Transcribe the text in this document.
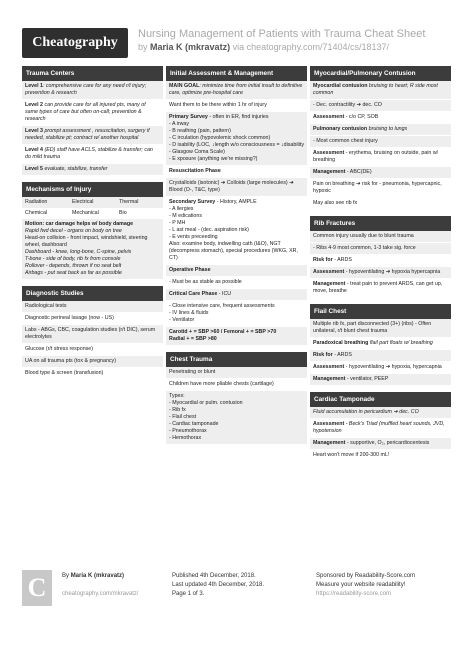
Cheatography
Nursing Management of Patients with Trauma Cheat Sheet
by Maria K (mkravatz) via cheatography.com/71404/cs/18137/
Trauma Centers
Level 1: comprehensive care for any need r/t injury; prevention & research
Level 2 can provide care for all injured pts, many of same types of care but often on-call; prevention & research
Level 3 prompt assessment , resuscitation, surgery if needed, stabilize pt; contract w/ another hospital
Level 4 (ED) staff have ACLS, stabilize & transfer; can do mild trauma
Level 5 evaluate, stabilize, transfer
Mechanisms of Injury
Radiation	Electrical	Thermal
Chemical	Mechanical	Bio
Motion: car damage helps w/ body damage
Rapid fwd decel - organs on body on tree
Head-on collision - front impact, windshield, steering wheel, dashboard
Dashboard - knee, long-bone, C-spine, pelvis
T-bone - side of body, rib fx from console
Rollover - depends, thrown if no seat belt
Airbags - put seat back as far as possible
Diagnostic Studies
Radiological tests
Diagnostic perineal lavage (now - US)
Labs - ABGs, CBC, coagulation studies (r/t DIC), serum electrolytes
Glucose (r/t stress response)
UA on all trauma pts (tox & pregnancy)
Blood type & screen (transfusion)
Initial Assessment & Management
MAIN GOAL: minimize time from initial insult to definitive care, optimize pre-hospital care
Want them to be there within 1 hr of injury
Primary Survey - often in ER, find injuries
- A irway
- B reathing (pain, pattern)
- C irculation (hypovolemic shock common)
- D isability (LOC, ↓length w/o consciousness = ↓disability - Glasgow Coma Scale)
- E xposure (anything we're missing?)
Resuscitation Phase
Crystalloids (isotonic) ➔ Colloids (large molecules) ➔ Blood (O-, T&C, type)
Secondary Survey - History, AMPLE
- A llergies
- M edications
- P MH
- L ast meal - (dec. aspiration risk)
- E vents preceeding
Also: examine body, indwelling cath (I&O), NGT (decompress stomach), special procedures (WKG, XR, CT)
Operative Phase
- Must be as stable as possible
Critical Care Phase - ICU
- Close intensive care, frequent assessments
- IV lines & fluids
- Ventilator
Carotid + = SBP >60 / Femoral + = SBP >70
Radial + = SBP >80
Chest Trauma
Penetrating or blunt
Children have more pliable chests (cartilage)
Types:
- Myocardial or pulm. contusion
- Rib fx
- Flail chest
- Cardiac tamponade
- Pneumothorax
- Hemothorax
Myocardial/Pulmonary Contusion
Myocardial contusion bruising to heart; R side most common
- Dec. contractility ➔ dec. CO
Assessment - c/o CP, SOB
Pulmonary contusion bruising to lungs
- Most common chest injury
Assessment - erythema, bruising on outside, pain w/ breathing
Management - ABC(DE)
Pain on breathing ➔ risk for - pneumonia, hypercapnic, hypoxic
May also see rib fx
Rib Fractures
Common injury usually due to blunt trauma
- Ribs 4-9 most common, 1-3 take sig. force
Risk for - ARDS
Assessment - hypoventilating ➔ hypoxia hypercapnia
Management - treat pain to prevent ARDS, can get up, move, breathe
Flail Chest
Multiple rib fx, part disconnected (3+) (ribs) - Often unilateral, r/t blunt chest trauma
Paradoxical breathing flail part floats w/ breathing
Risk for - ARDS
Assessment - hypoventilating ➔ hypoxia, hypercapnia
Management - ventilator, PEEP
Cardiac Tamponade
Fluid accumulation in pericardium ➔ dec. CO
Assessment - Beck's Triad (muffled heart sounds, JVD, hypotension
Management - supportive, O₂, pericardiocentesis
Heart won't move if 200-300 mL!
C	By Maria K (mkravatz)

cheatography.com/mkravatz/
Published 4th December, 2018.
Last updated 4th December, 2018.
Page 1 of 3.
Sponsored by Readability-Score.com
Measure your website readability!
https://readability-score.com
